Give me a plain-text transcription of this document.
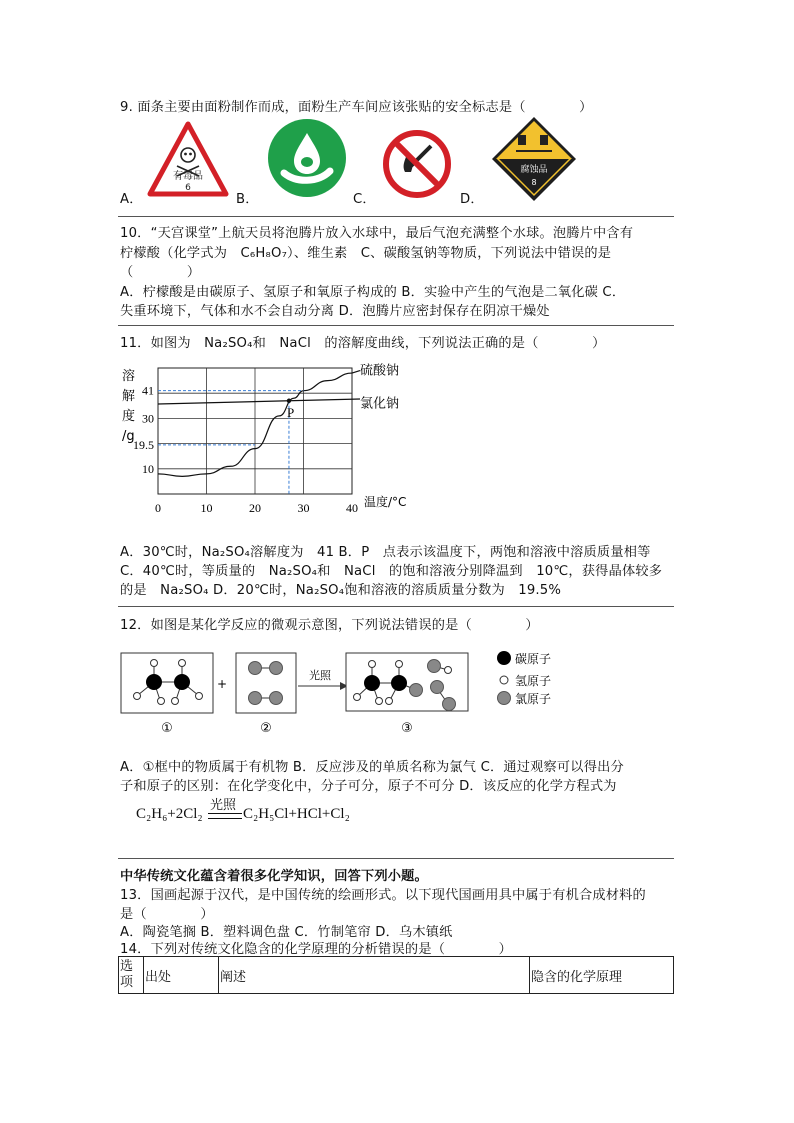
9. 面条主要由面粉制作而成，面粉生产车间应该张贴的安全标志是（　　　　）
A．
有毒品
6
B．	C．	D．
腐蚀品
8
10．“天宫课堂”上航天员将泡腾片放入水球中，最后气泡充满整个水球。泡腾片中含有
柠檬酸（化学式为　C₆H₈O₇）、维生素　C、碳酸氢钠等物质，下列说法中错误的是
（　　　　）
A．柠檬酸是由碳原子、氢原子和氧原子构成的 B．实验中产生的气泡是二氧化碳 C．
失重环境下，气体和水不会自动分离 D．泡腾片应密封保存在阴凉干燥处
11．如图为　Na₂SO₄和　NaCl　的溶解度曲线，下列说法正确的是（　　　　）
0	10	20	30	40
10
19.5
30
41
溶
解
度
/g
温度/°C
硫酸钠
氯化钠
P
A．30℃时，Na₂SO₄溶解度为　41 B．P　点表示该温度下，两饱和溶液中溶质质量相等
C．40℃时，等质量的　Na₂SO₄和　NaCl　的饱和溶液分别降温到　10℃，获得晶体较多
的是　Na₂SO₄ D．20℃时，Na₂SO₄饱和溶液的溶质质量分数为　19.5%
12．如图是某化学反应的微观示意图，下列说法错误的是（　　　　）
①
+
②
光照
③
碳原子
氢原子
氯原子
A．①框中的物质属于有机物 B．反应涉及的单质名称为氯气 C．通过观察可以得出分
子和原子的区别：在化学变化中，分子可分，原子不可分 D．该反应的化学方程式为
C₂H₆+2Cl₂
光照
C₂H₅Cl+HCl+Cl₂
中华传统文化蕴含着很多化学知识，回答下列小题。
13．国画起源于汉代，是中国传统的绘画形式。以下现代国画用具中属于有机合成材料的
是（　　　　）
A．陶瓷笔搁 B．塑料调色盘 C．竹制笔帘 D．乌木镇纸
14．下列对传统文化隐含的化学原理的分析错误的是（　　　　）
选项	出处	阐述	隐含的化学原理
